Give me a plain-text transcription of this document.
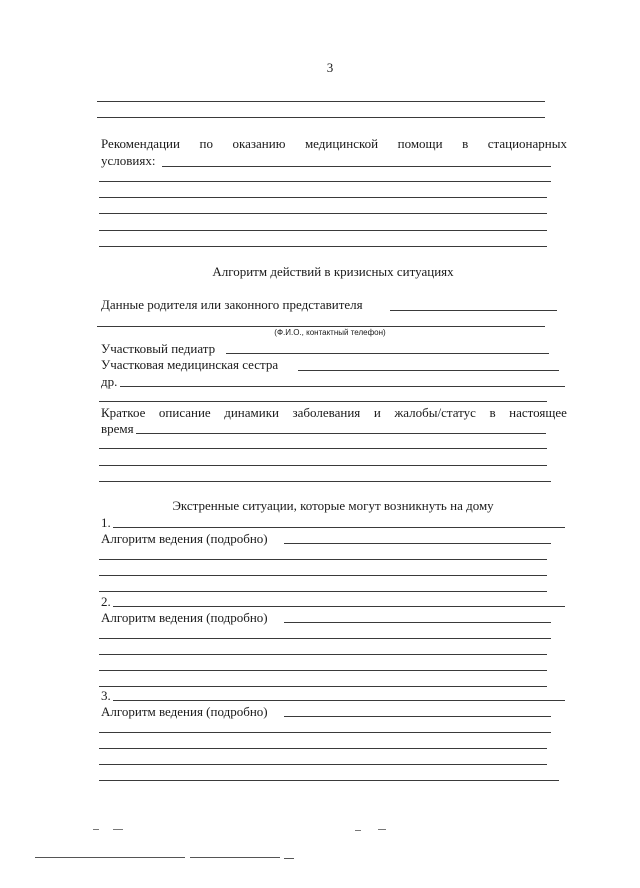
3
Рекомендации по оказанию медицинской помощи в стационарных
условиях:
Алгоритм действий в кризисных ситуациях
Данные родителя или законного представителя
(Ф.И.О., контактный телефон)
Участковый педиатр
Участковая медицинская сестра
др.
Краткое описание динамики заболевания и жалобы/статус в настоящее
время
Экстренные ситуации, которые могут возникнуть на дому
1.
Алгоритм ведения (подробно)
2.
Алгоритм ведения (подробно)
3.
Алгоритм ведения (подробно)
